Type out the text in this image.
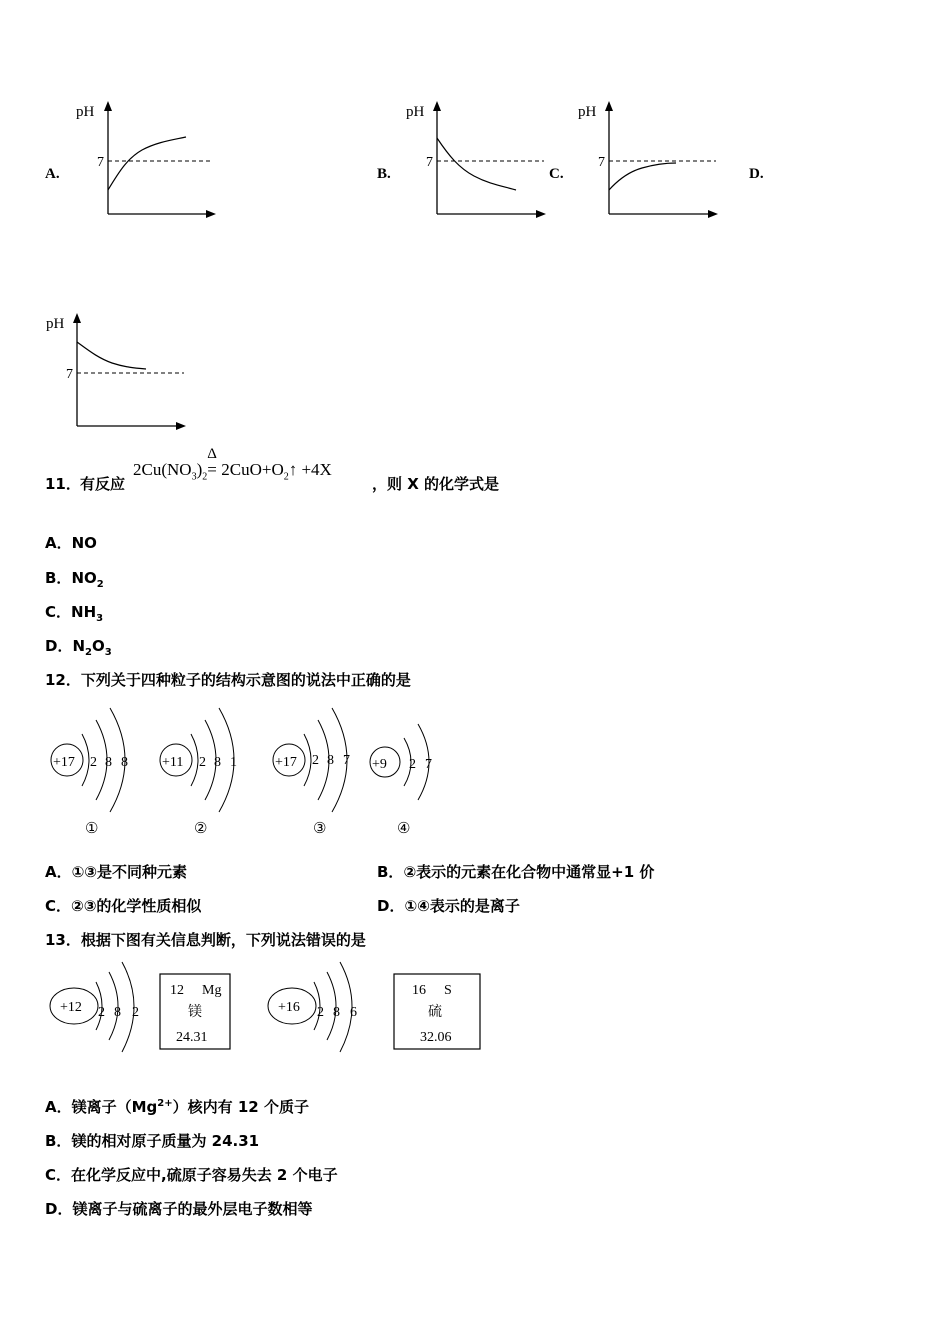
A.
pH
7
B.
pH
7
C.
pH
7
D.
pH
7
11． 有反应
$2Cu(NO_3)_2$
Δ
= $2CuO+O_2↑ +4X$
，则 X 的化学式是
A．NO
B．$NO_2$
C．$NH_3$
D．$N_2O_3$
12．下列关于四种粒子的结构示意图的说法中正确的是
+17 2 8 8
①
+11 2 8 1
②
+17 2 8 7
③
+9 2 7
④
A．①③是不同种元素	B．②表示的元素在化合物中通常显+1 价
C．②③的化学性质相似	D．①④表示的是离子
13．根据下图有关信息判断，下列说法错误的是
+12 2 8 2
12 Mg
镁
24.31
+16 2 8 6
16 S
硫
32.06
A．镁离子$(Mg^{2+})$核内有 12 个质子
B．镁的相对原子质量为 24.31
C．在化学反应中,硫原子容易失去 2 个电子
D．镁离子与硫离子的最外层电子数相等
